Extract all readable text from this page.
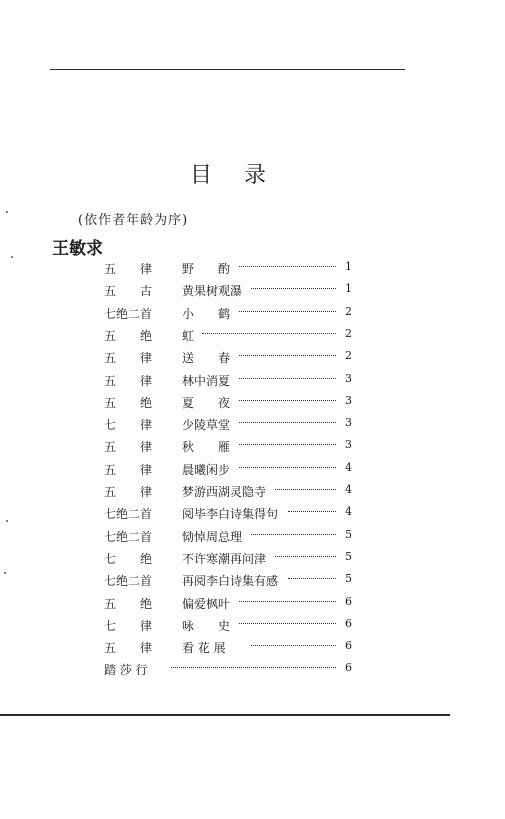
目 录
(依作者年龄为序)
王敏求
五　　律	野　　酌	1
五　　古	黄果树观瀑	1
七绝二首	小　　鹤	2
五　　绝	虹	2
五　　律	送　　春	2
五　　律	林中消夏	3
五　　绝	夏　　夜	3
七　　律	少陵草堂	3
五　　律	秋　　雁	3
五　　律	晨曦闲步	4
五　　律	梦游西湖灵隐寺	4
七绝二首	阅毕李白诗集得句	4
七绝二首	恸悼周总理	5
七　　绝	不许寒潮再问津	5
七绝二首	再阅李白诗集有感	5
五　　绝	偏爱枫叶	6
七　　律	咏　　史	6
五　　律	看 花 展	6
踏 莎 行	6
